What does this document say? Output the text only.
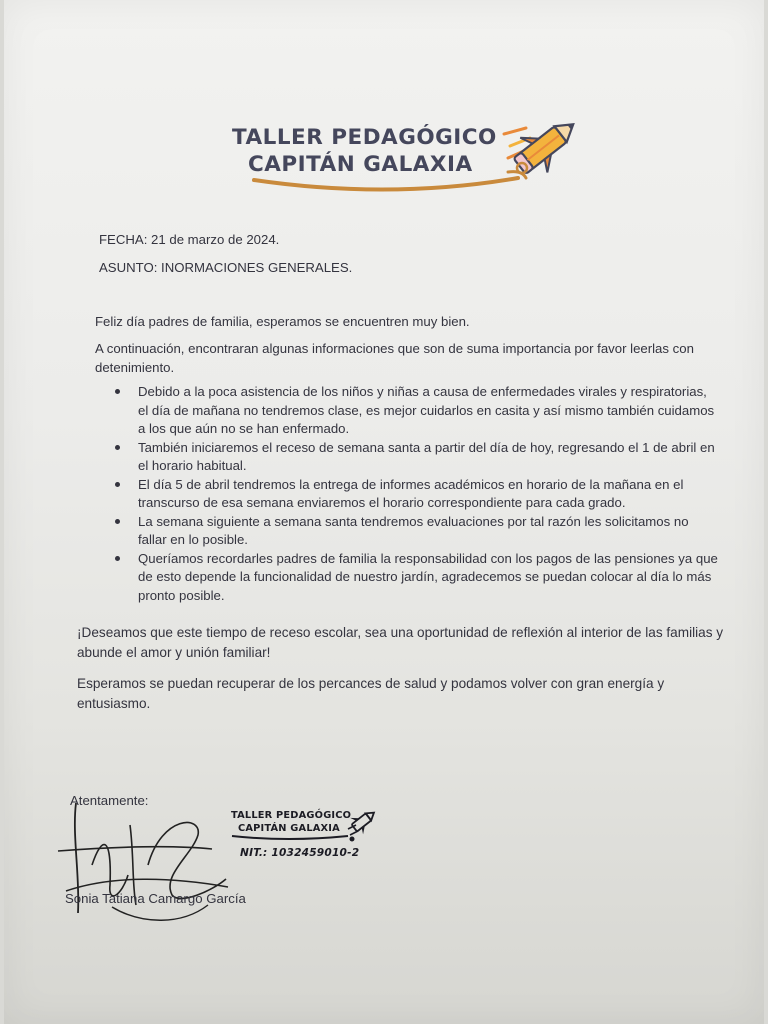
TALLER PEDAGÓGICO
CAPITÁN GALAXIA
FECHA: 21 de marzo de 2024.
ASUNTO: INORMACIONES GENERALES.
Feliz día padres de familia, esperamos se encuentren muy bien.
A continuación, encontraran algunas informaciones que son de suma importancia por favor leerlas con detenimiento.
Debido a la poca asistencia de los niños y niñas a causa de enfermedades virales y respiratorias, el día de mañana no tendremos clase, es mejor cuidarlos en casita y así mismo también cuidamos a los que aún no se han enfermado.
También iniciaremos el receso de semana santa a partir del día de hoy, regresando el 1 de abril en el horario habitual.
El día 5 de abril tendremos la entrega de informes académicos en horario de la mañana en el transcurso de esa semana enviaremos el horario correspondiente para cada grado.
La semana siguiente a semana santa tendremos evaluaciones por tal razón les solicitamos no fallar en lo posible.
Queríamos recordarles padres de familia la responsabilidad con los pagos de las pensiones ya que de esto depende la funcionalidad de nuestro jardín, agradecemos se puedan colocar al día lo más pronto posible.
¡Deseamos que este tiempo de receso escolar, sea una oportunidad de reflexión al interior de las familias y abunde el amor y unión familiar!
Esperamos se puedan recuperar de los percances de salud y podamos volver con gran energía y entusiasmo.
Atentamente:
Sonia Tatiana Camargo García
TALLER PEDAGÓGICO
CAPITÁN GALAXIA
NIT.: 1032459010-2
